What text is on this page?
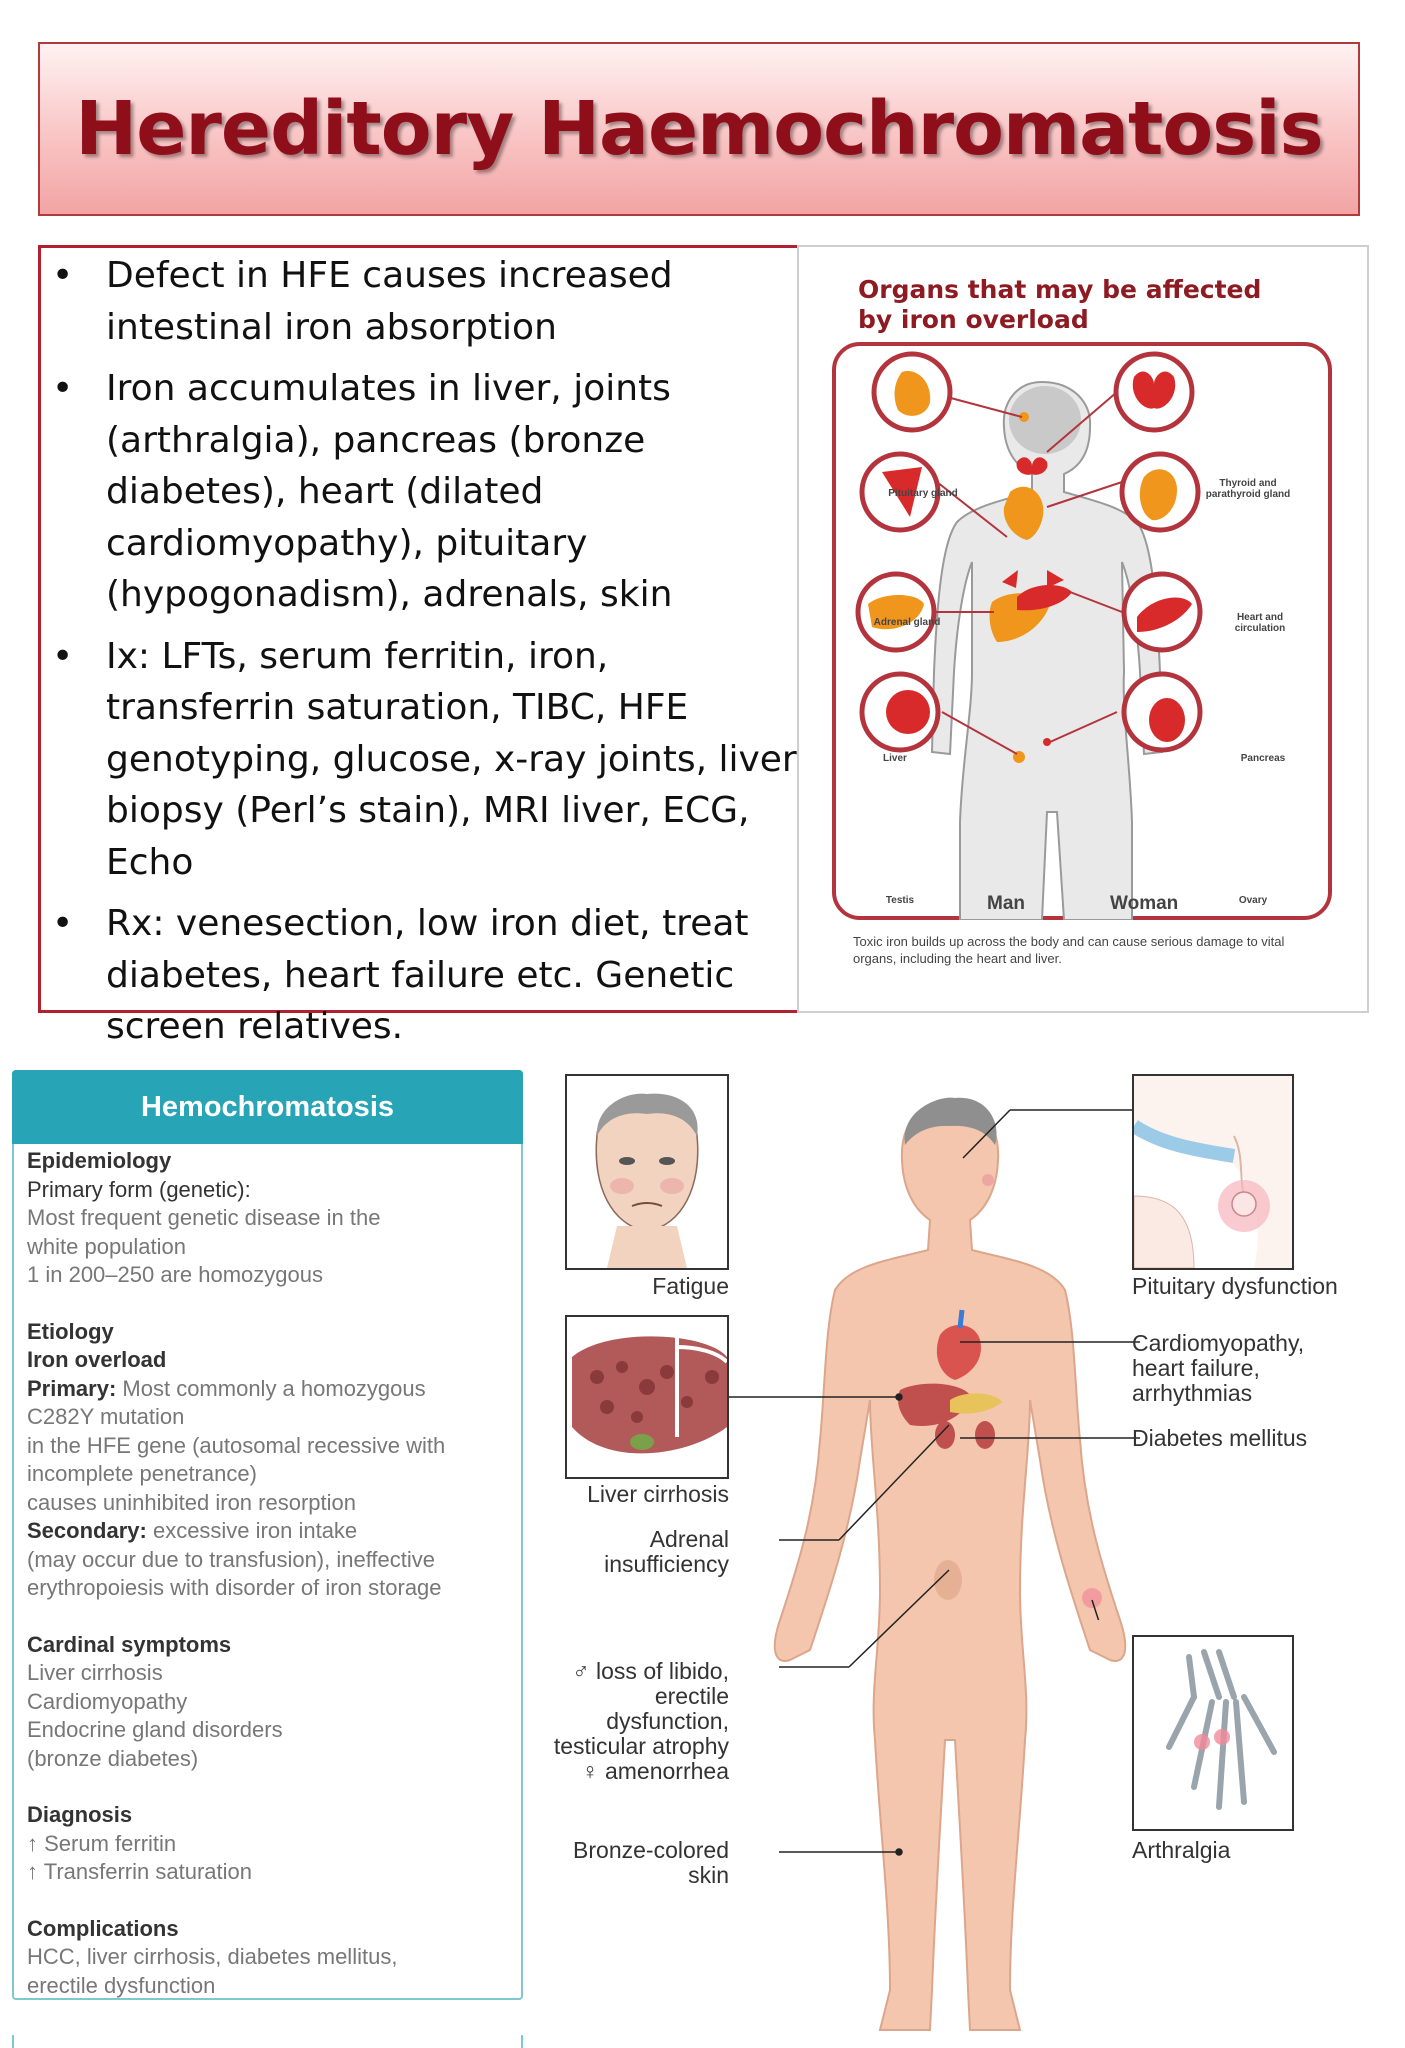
Hereditory Haemochromatosis
• Defect in HFE causes increased intestinal iron absorption
• Iron accumulates in liver, joints (arthralgia), pancreas (bronze diabetes), heart (dilated cardiomyopathy), pituitary (hypogonadism), adrenals, skin
• Ix: LFTs, serum ferritin, iron, transferrin saturation, TIBC, HFE genotyping, glucose, x-ray joints, liver biopsy (Perl’s stain), MRI liver, ECG, Echo
• Rx: venesection, low iron diet, treat diabetes, heart failure etc. Genetic screen relatives.
Organs that may be affected by iron overload
Pituitary gland
Thyroid and parathyroid gland
Adrenal gland	Heart and circulation
Liver	Pancreas
Testis	Ovary
Man	Woman
Toxic iron builds up across the body and can cause serious damage to vital organs, including the heart and liver.
Hemochromatosis
Epidemiology
Primary form (genetic):
Most frequent genetic disease in the
white population
1 in 200–250 are homozygous
Etiology
Iron overload
Primary: Most commonly a homozygous
C282Y mutation
in the HFE gene (autosomal recessive with
incomplete penetrance)
causes uninhibited iron resorption
Secondary: excessive iron intake
(may occur due to transfusion), ineffective
erythropoiesis with disorder of iron storage
Cardinal symptoms
Liver cirrhosis
Cardiomyopathy
Endocrine gland disorders
(bronze diabetes)
Diagnosis
↑ Serum ferritin
↑ Transferrin saturation
Complications
HCC, liver cirrhosis, diabetes mellitus,
erectile dysfunction
Fatigue
Liver cirrhosis
Adrenal
insufficiency
♂ loss of libido,
erectile
dysfunction,
testicular atrophy
♀ amenorrhea
Bronze-colored
skin
Pituitary dysfunction
Cardiomyopathy,
heart failure,
arrhythmias
Diabetes mellitus
Arthralgia
